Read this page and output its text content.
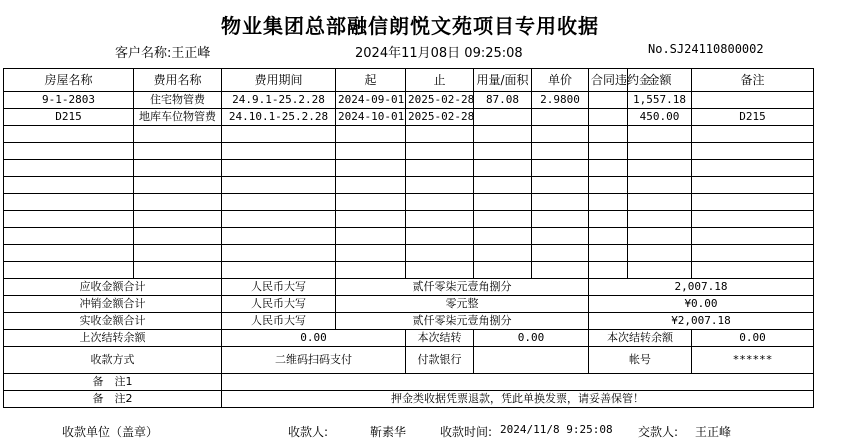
物业集团总部融信朗悦文苑项目专用收据
客户名称:王正峰	2024年11月08日 09:25:08	No.SJ24110800002
房屋名称	费用名称	费用期间	起	止	用量/面积	单价	合同违约金	金额	备注
9-1-2803	住宅物管费	24.9.1-25.2.28	2024-09-01	2025-02-28	87.08	2.9800		1,557.18	
D215	地库车位物管费	24.10.1-25.2.28	2024-10-01	2025-02-28				450.00	D215

应收金额合计		人民币大写	贰仟零柒元壹角捌分				2,007.18		
冲销金额合计		人民币大写	零元整				¥0.00		
实收金额合计		人民币大写	贰仟零柒元壹角捌分				¥2,007.18		
上次结转余额		0.00		本次结转	0.00		本次结转余额		0.00
收款方式		二维码扫码支付		付款银行			帐号		******
备　注1									
备　注2		押金类收据凭票退款，凭此单换发票，请妥善保管！							
收款单位（盖章）	收款人:	靳素华	收款时间: 2024/11/8 9:25:08 交款人: 王正峰
